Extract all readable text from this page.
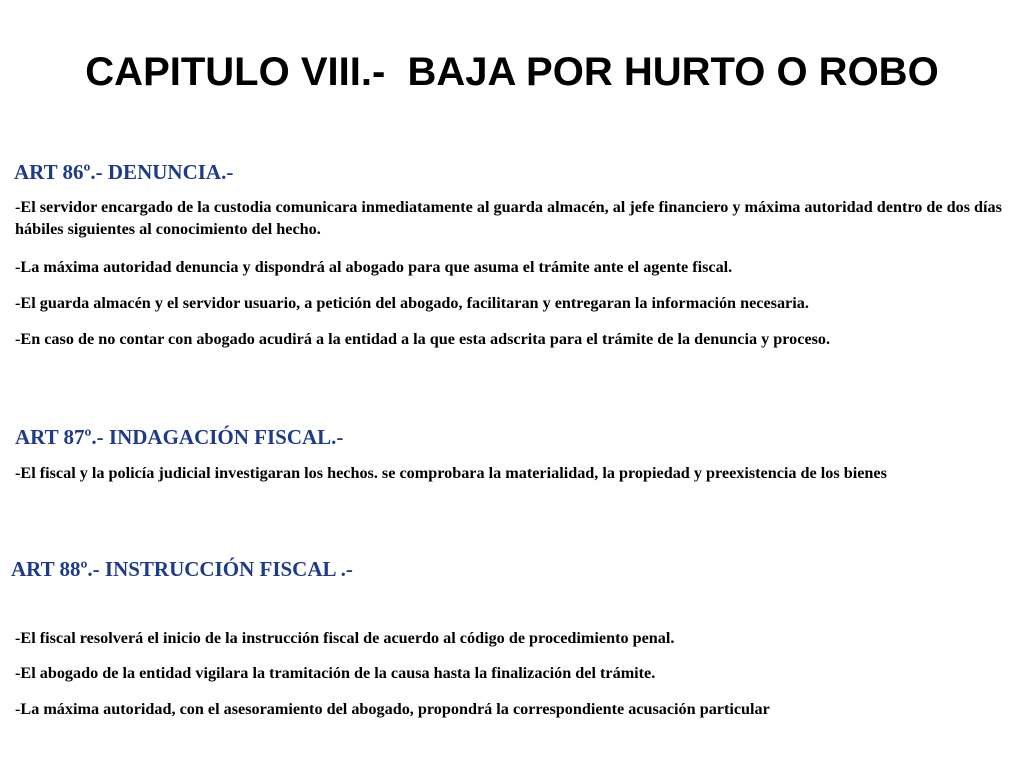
CAPITULO VIII.-  BAJA POR HURTO O ROBO
ART 86º.- DENUNCIA.-
-El servidor encargado de la custodia comunicara inmediatamente al guarda almacén, al jefe financiero y máxima autoridad dentro de dos días hábiles siguientes al conocimiento del hecho.
-La máxima autoridad denuncia y dispondrá al abogado para que asuma el trámite ante el agente fiscal.
-El guarda almacén y el servidor usuario, a petición del abogado, facilitaran y entregaran la información necesaria.
-En caso de no contar con abogado acudirá a la entidad a la que esta adscrita para el trámite de la denuncia y proceso.
ART 87º.- INDAGACIÓN FISCAL.-
-El fiscal y la policía judicial investigaran los hechos. se comprobara la materialidad, la propiedad y preexistencia de los bienes
ART 88º.- INSTRUCCIÓN FISCAL .-
-El fiscal resolverá el inicio de la instrucción fiscal de acuerdo al código de procedimiento penal.
-El abogado de la entidad vigilara la tramitación de la causa hasta la finalización del trámite.
-La máxima autoridad, con el asesoramiento del abogado, propondrá la correspondiente acusación particular
